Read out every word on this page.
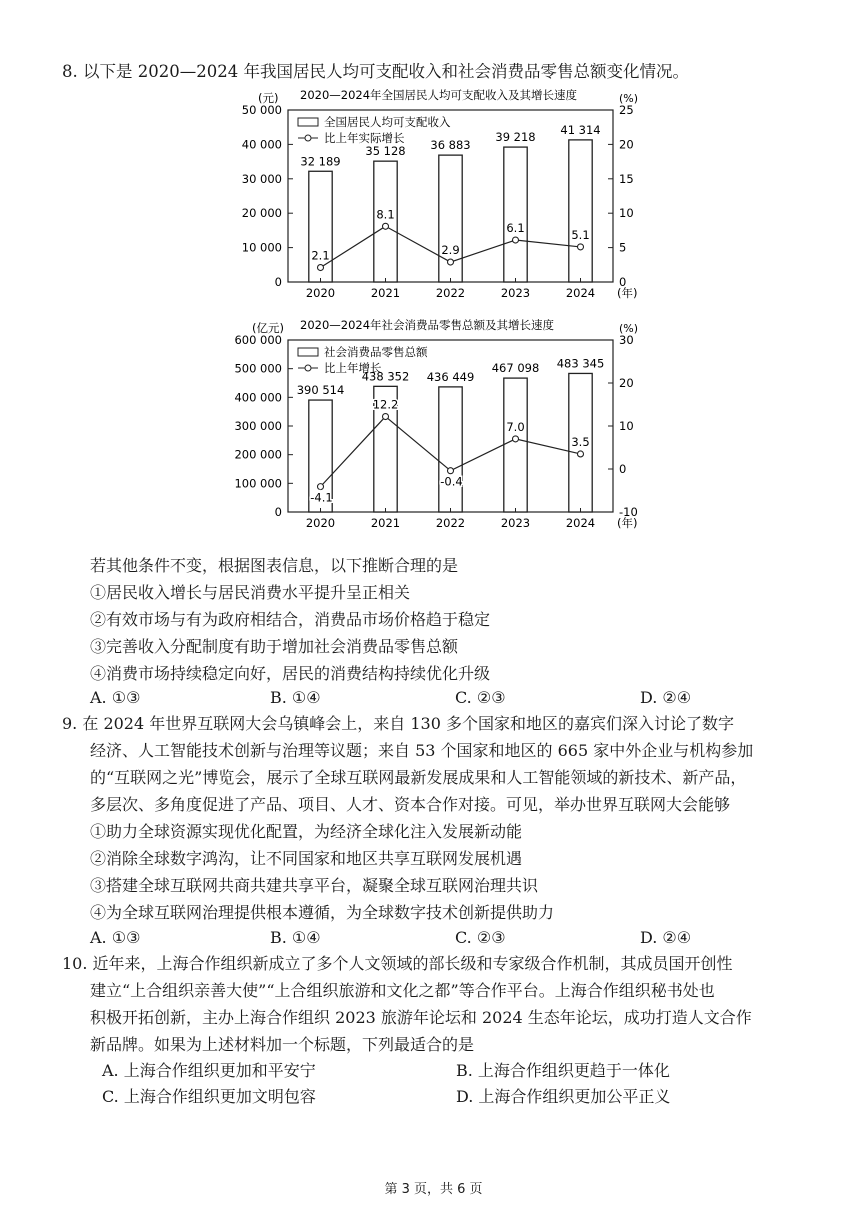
8. 以下是 2020—2024 年我国居民人均可支配收入和社会消费品零售总额变化情况。
2020—2024年全国居民人均可支配收入及其增长速度
(元)	(%)
0
10 000
20 000
30 000
40 000
50 000
0
5
10
15
20
25
32 189
35 128 36 883
39 218
41 314
2020	2021	2022	2023	2024 (年)
2.1
8.1
2.9
6.1	5.1
全国居民人均可支配收入
比上年实际增长
2020—2024年社会消费品零售总额及其增长速度
(亿元)	(%)
0
100 000
200 000
300 000
400 000
500 000
600 000
-10
0
10
20
30
390 514
438 352 436 449
467 098 483 345
2020	2021	2022	2023	2024 (年)
-4.1
12.2
-0.4
7.0
3.5
社会消费品零售总额
比上年增长
若其他条件不变，根据图表信息，以下推断合理的是
①居民收入增长与居民消费水平提升呈正相关
②有效市场与有为政府相结合，消费品市场价格趋于稳定
③完善收入分配制度有助于增加社会消费品零售总额
④消费市场持续稳定向好，居民的消费结构持续优化升级
A. ①③	B. ①④	C. ②③	D. ②④
9. 在 2024 年世界互联网大会乌镇峰会上，来自 130 多个国家和地区的嘉宾们深入讨论了数字
经济、人工智能技术创新与治理等议题；来自 53 个国家和地区的 665 家中外企业与机构参加
的“互联网之光”博览会，展示了全球互联网最新发展成果和人工智能领域的新技术、新产品，
多层次、多角度促进了产品、项目、人才、资本合作对接。可见，举办世界互联网大会能够
①助力全球资源实现优化配置，为经济全球化注入发展新动能
②消除全球数字鸿沟，让不同国家和地区共享互联网发展机遇
③搭建全球互联网共商共建共享平台，凝聚全球互联网治理共识
④为全球互联网治理提供根本遵循，为全球数字技术创新提供助力
A. ①③	B. ①④	C. ②③	D. ②④
10. 近年来，上海合作组织新成立了多个人文领域的部长级和专家级合作机制，其成员国开创性
建立“上合组织亲善大使”“上合组织旅游和文化之都”等合作平台。上海合作组织秘书处也
积极开拓创新，主办上海合作组织 2023 旅游年论坛和 2024 生态年论坛，成功打造人文合作
新品牌。如果为上述材料加一个标题，下列最适合的是
A. 上海合作组织更加和平安宁	B. 上海合作组织更趋于一体化
C. 上海合作组织更加文明包容	D. 上海合作组织更加公平正义
第 3 页，共 6 页
